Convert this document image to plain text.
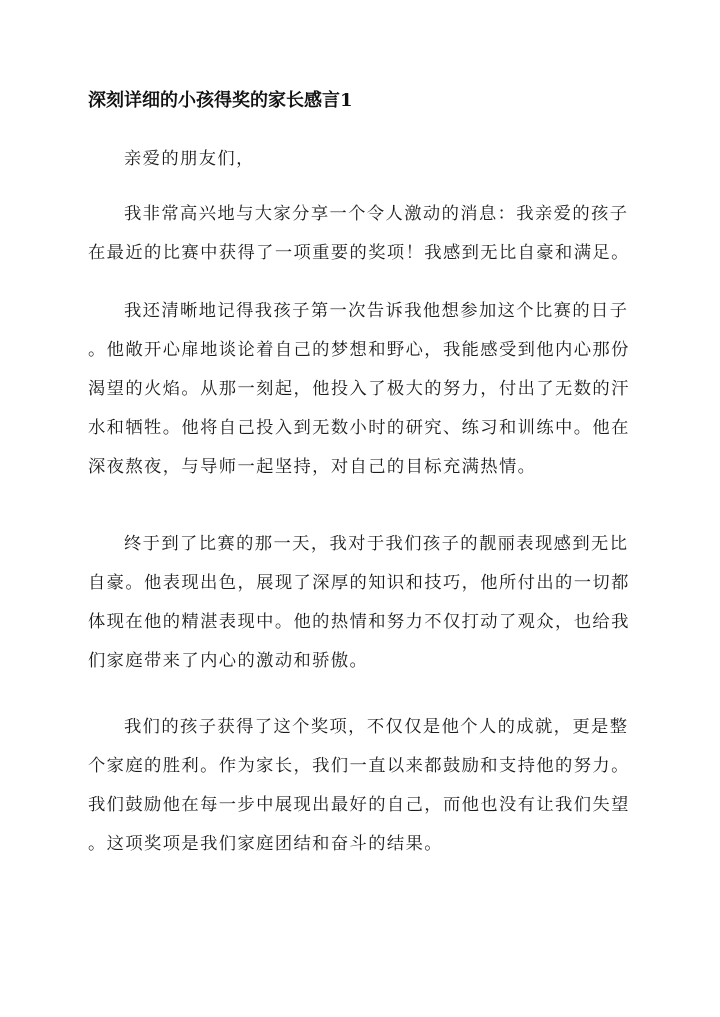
深刻详细的小孩得奖的家长感言1
亲爱的朋友们，
我非常高兴地与大家分享一个令人激动的消息：我亲爱的孩子
在最近的比赛中获得了一项重要的奖项！我感到无比自豪和满足。
我还清晰地记得我孩子第一次告诉我他想参加这个比赛的日子
。他敞开心扉地谈论着自己的梦想和野心，我能感受到他内心那份
渴望的火焰。从那一刻起，他投入了极大的努力，付出了无数的汗
水和牺牲。他将自己投入到无数小时的研究、练习和训练中。他在
深夜熬夜，与导师一起坚持，对自己的目标充满热情。
终于到了比赛的那一天，我对于我们孩子的靓丽表现感到无比
自豪。他表现出色，展现了深厚的知识和技巧，他所付出的一切都
体现在他的精湛表现中。他的热情和努力不仅打动了观众，也给我
们家庭带来了内心的激动和骄傲。
我们的孩子获得了这个奖项，不仅仅是他个人的成就，更是整
个家庭的胜利。作为家长，我们一直以来都鼓励和支持他的努力。
我们鼓励他在每一步中展现出最好的自己，而他也没有让我们失望
。这项奖项是我们家庭团结和奋斗的结果。
